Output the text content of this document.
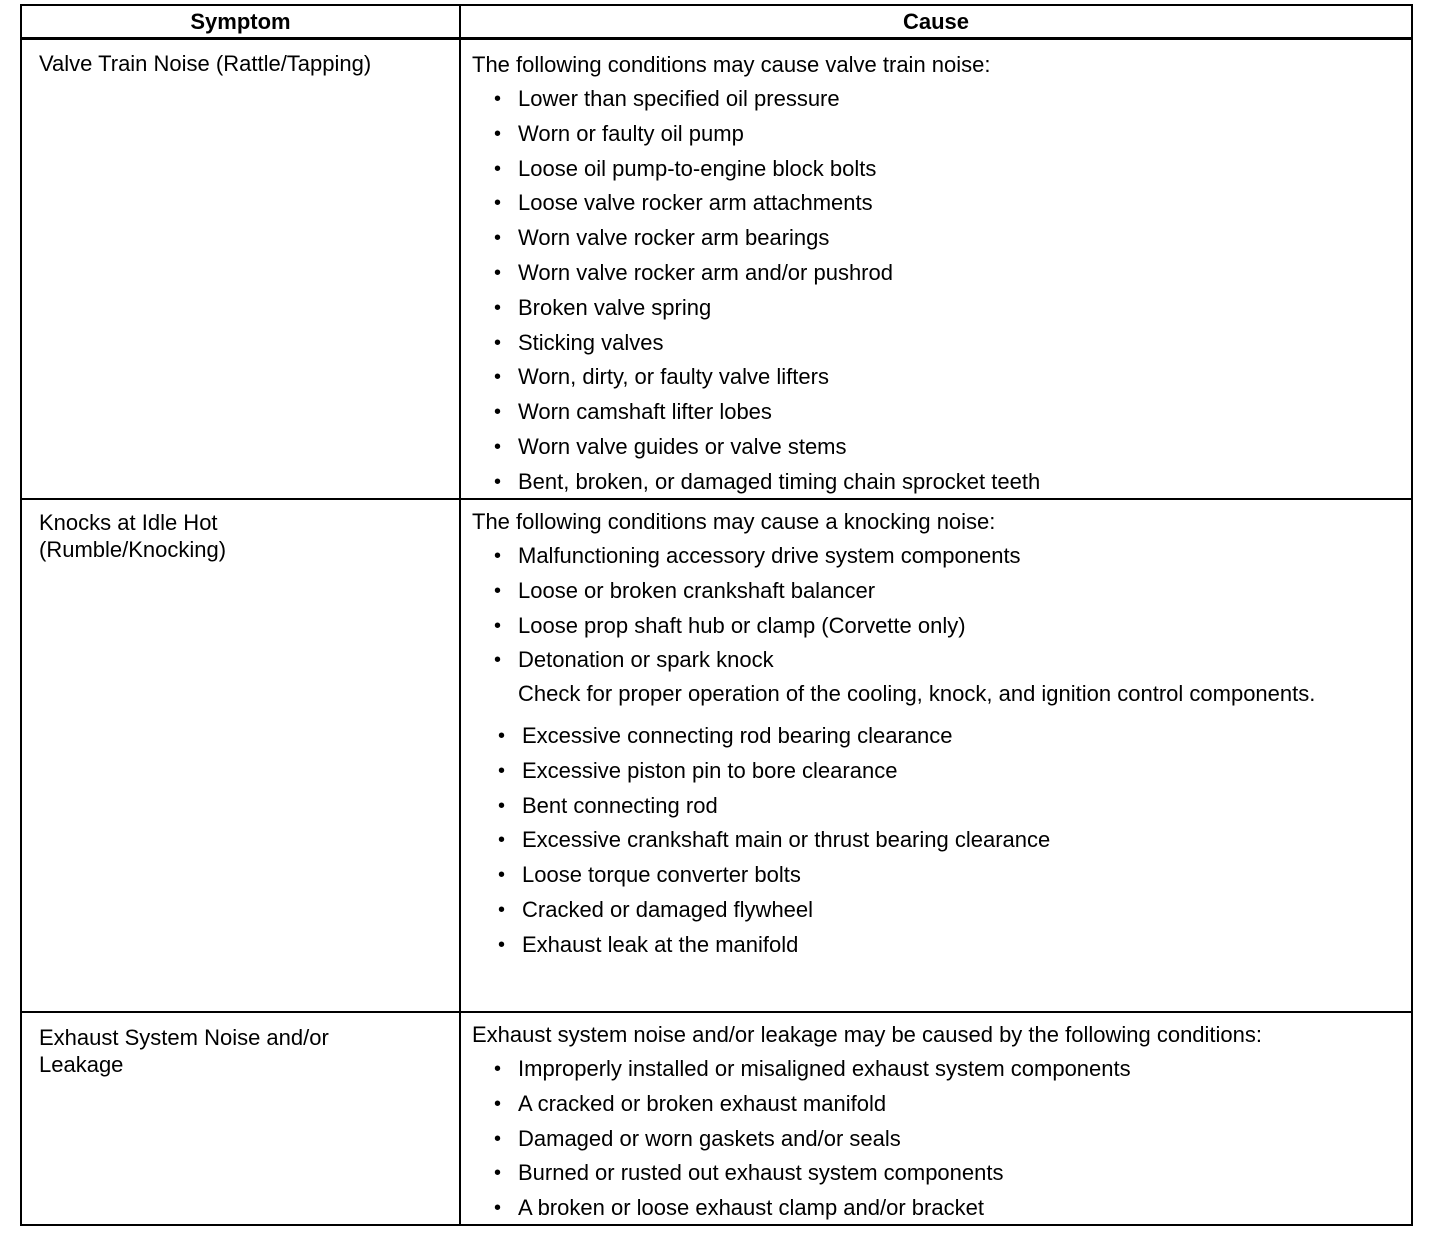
Symptom	Cause
Valve Train Noise (Rattle/Tapping)	The following conditions may cause valve train noise:
• Lower than specified oil pressure
• Worn or faulty oil pump
• Loose oil pump-to-engine block bolts
• Loose valve rocker arm attachments
• Worn valve rocker arm bearings
• Worn valve rocker arm and/or pushrod
• Broken valve spring
• Sticking valves
• Worn, dirty, or faulty valve lifters
• Worn camshaft lifter lobes
• Worn valve guides or valve stems
• Bent, broken, or damaged timing chain sprocket teeth
Knocks at Idle Hot
(Rumble/Knocking)
The following conditions may cause a knocking noise:
• Malfunctioning accessory drive system components
• Loose or broken crankshaft balancer
• Loose prop shaft hub or clamp (Corvette only)
• Detonation or spark knock
Check for proper operation of the cooling, knock, and ignition control components.
• Excessive connecting rod bearing clearance
• Excessive piston pin to bore clearance
• Bent connecting rod
• Excessive crankshaft main or thrust bearing clearance
• Loose torque converter bolts
• Cracked or damaged flywheel
• Exhaust leak at the manifold
Exhaust System Noise and/or
Leakage
Exhaust system noise and/or leakage may be caused by the following conditions:
• Improperly installed or misaligned exhaust system components
• A cracked or broken exhaust manifold
• Damaged or worn gaskets and/or seals
• Burned or rusted out exhaust system components
• A broken or loose exhaust clamp and/or bracket
